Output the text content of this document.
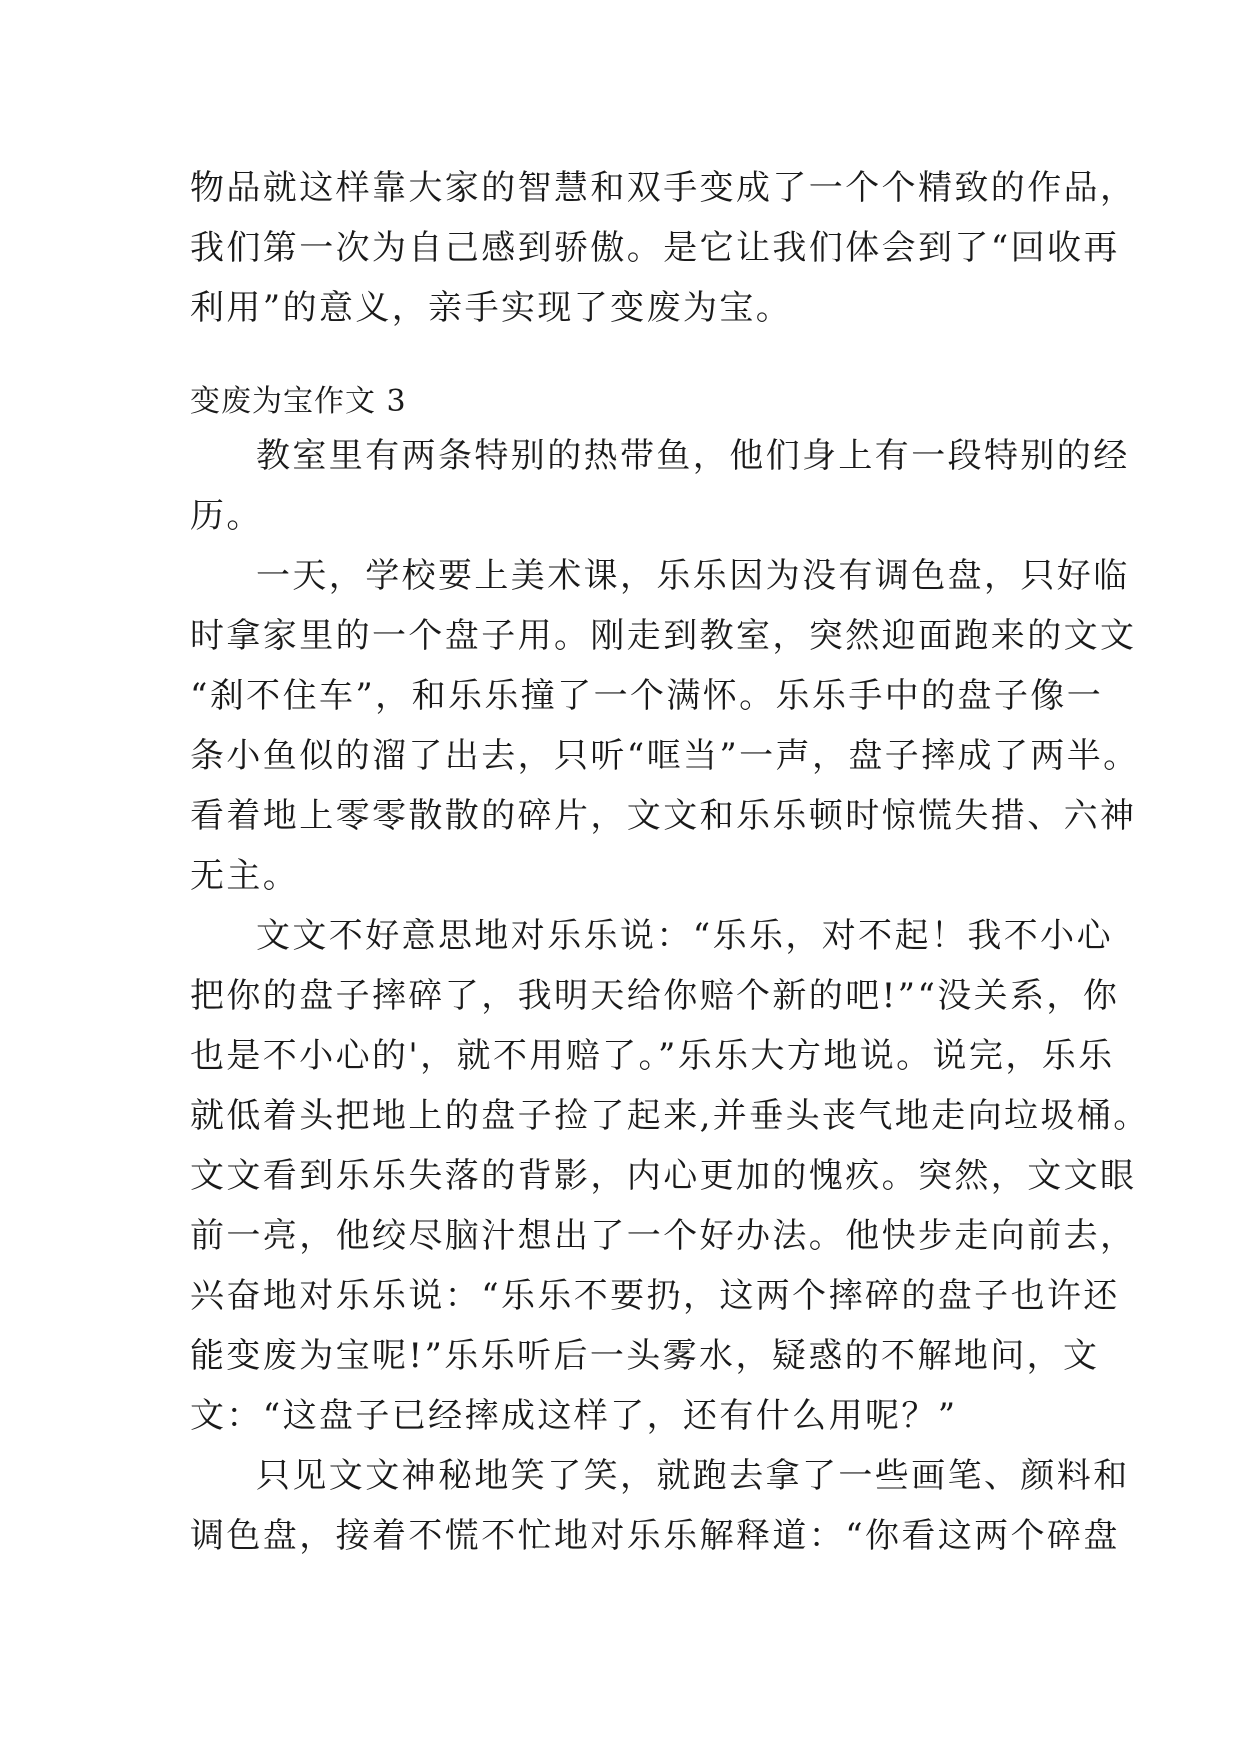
物品就这样靠大家的智慧和双手变成了一个个精致的作品，
我们第一次为自己感到骄傲。是它让我们体会到了“回收再
利用”的意义，亲手实现了变废为宝。
变废为宝作文 3
教室里有两条特别的热带鱼，他们身上有一段特别的经
历。
一天，学校要上美术课，乐乐因为没有调色盘，只好临
时拿家里的一个盘子用。刚走到教室，突然迎面跑来的文文
“刹不住车”，和乐乐撞了一个满怀。乐乐手中的盘子像一
条小鱼似的溜了出去，只听“哐当”一声，盘子摔成了两半。
看着地上零零散散的碎片，文文和乐乐顿时惊慌失措、六神
无主。
文文不好意思地对乐乐说：“乐乐，对不起！我不小心
把你的盘子摔碎了，我明天给你赔个新的吧!”“没关系，你
也是不小心的'，就不用赔了。”乐乐大方地说。说完，乐乐
就低着头把地上的盘子捡了起来,并垂头丧气地走向垃圾桶。
文文看到乐乐失落的背影，内心更加的愧疚。突然，文文眼
前一亮，他绞尽脑汁想出了一个好办法。他快步走向前去，
兴奋地对乐乐说：“乐乐不要扔，这两个摔碎的盘子也许还
能变废为宝呢!”乐乐听后一头雾水，疑惑的不解地问，文
文：“这盘子已经摔成这样了，还有什么用呢？”
只见文文神秘地笑了笑，就跑去拿了一些画笔、颜料和
调色盘，接着不慌不忙地对乐乐解释道：“你看这两个碎盘
